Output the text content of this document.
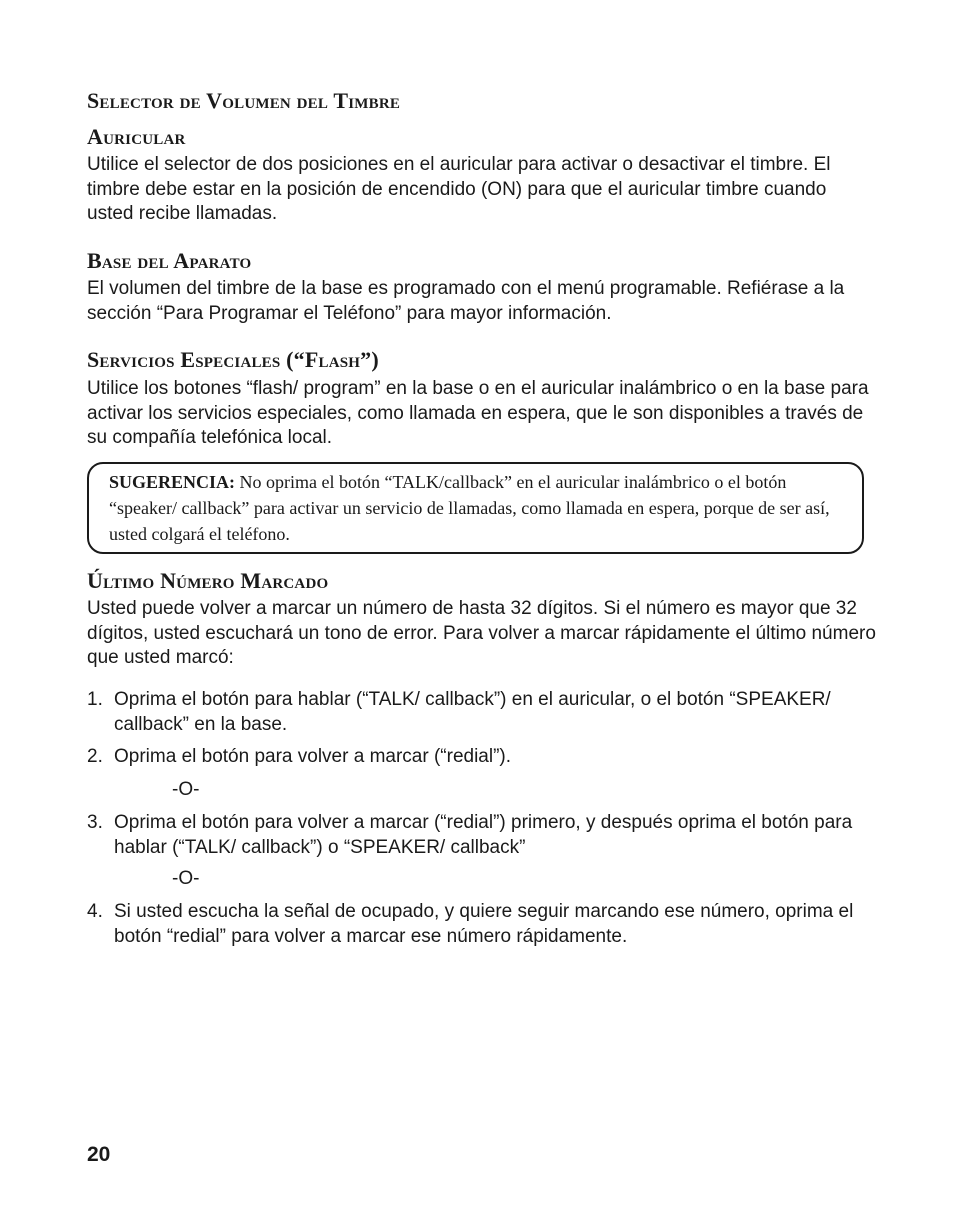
Selector de Volumen del Timbre
Auricular

Utilice el selector de dos posiciones en el auricular para activar o desactivar el timbre. El timbre debe estar en la posición de encendido (ON) para que el auricular timbre cuando usted recibe llamadas.

Base del Aparato

El volumen del timbre de la base es programado con el menú programable. Refiérase a la sección “Para Programar el Teléfono” para mayor información.

Servicios Especiales (“Flash”)

Utilice los botones “flash/ program” en la base o en el auricular inalámbrico o en la base para activar los servicios especiales, como llamada en espera, que le son disponibles a través de su compañía telefónica local.

SUGERENCIA: No oprima el botón “TALK/callback” en el auricular inalámbrico o el botón “speaker/ callback” para activar un servicio de llamadas, como llamada en espera, porque de ser así, usted colgará el teléfono.

Último Número Marcado

Usted puede volver a marcar un número de hasta 32 dígitos. Si el número es mayor que 32 dígitos, usted escuchará un tono de error. Para volver a marcar rápidamente el último número que usted marcó:

1. Oprima el botón para hablar (“TALK/ callback”) en el auricular, o el botón “SPEAKER/ callback” en la base.
2. Oprima el botón para volver a marcar (“redial”).
-O-
3. Oprima el botón para volver a marcar (“redial”) primero, y después oprima el botón para hablar (“TALK/ callback”) o “SPEAKER/ callback”
-O-
4. Si usted escucha la señal de ocupado, y quiere seguir marcando ese número, oprima el botón “redial” para volver a marcar ese número rápidamente.
20
